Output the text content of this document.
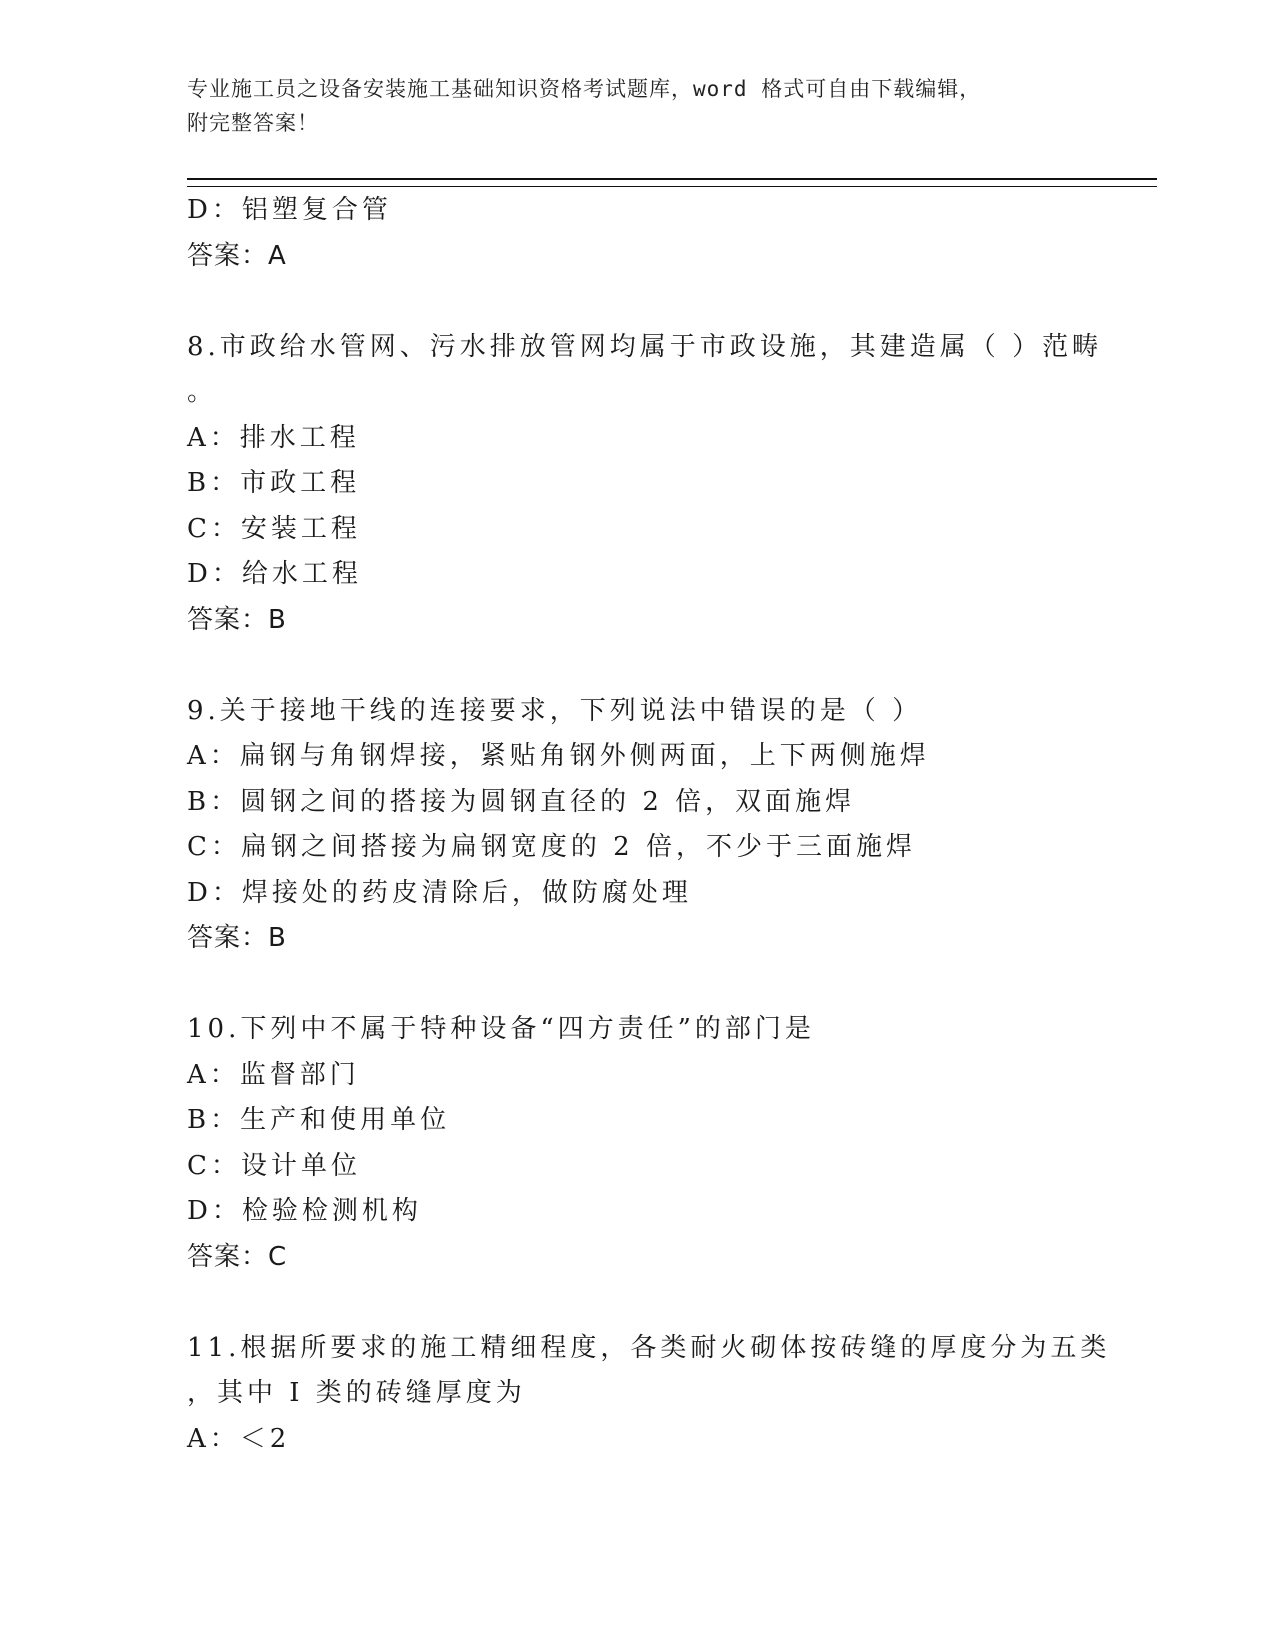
专业施工员之设备安装施工基础知识资格考试题库，word 格式可自由下载编辑，
附完整答案！
D：铝塑复合管
答案：A
8.市政给水管网、污水排放管网均属于市政设施，其建造属（ ）范畴
。
A：排水工程
B：市政工程
C：安装工程
D：给水工程
答案：B
9.关于接地干线的连接要求，下列说法中错误的是（ ）
A：扁钢与角钢焊接，紧贴角钢外侧两面，上下两侧施焊
B：圆钢之间的搭接为圆钢直径的 2 倍，双面施焊
C：扁钢之间搭接为扁钢宽度的 2 倍，不少于三面施焊
D：焊接处的药皮清除后，做防腐处理
答案：B
10.下列中不属于特种设备“四方责任”的部门是
A：监督部门
B：生产和使用单位
C：设计单位
D：检验检测机构
答案：C
11.根据所要求的施工精细程度，各类耐火砌体按砖缝的厚度分为五类
，其中 I 类的砖缝厚度为
A：＜2
